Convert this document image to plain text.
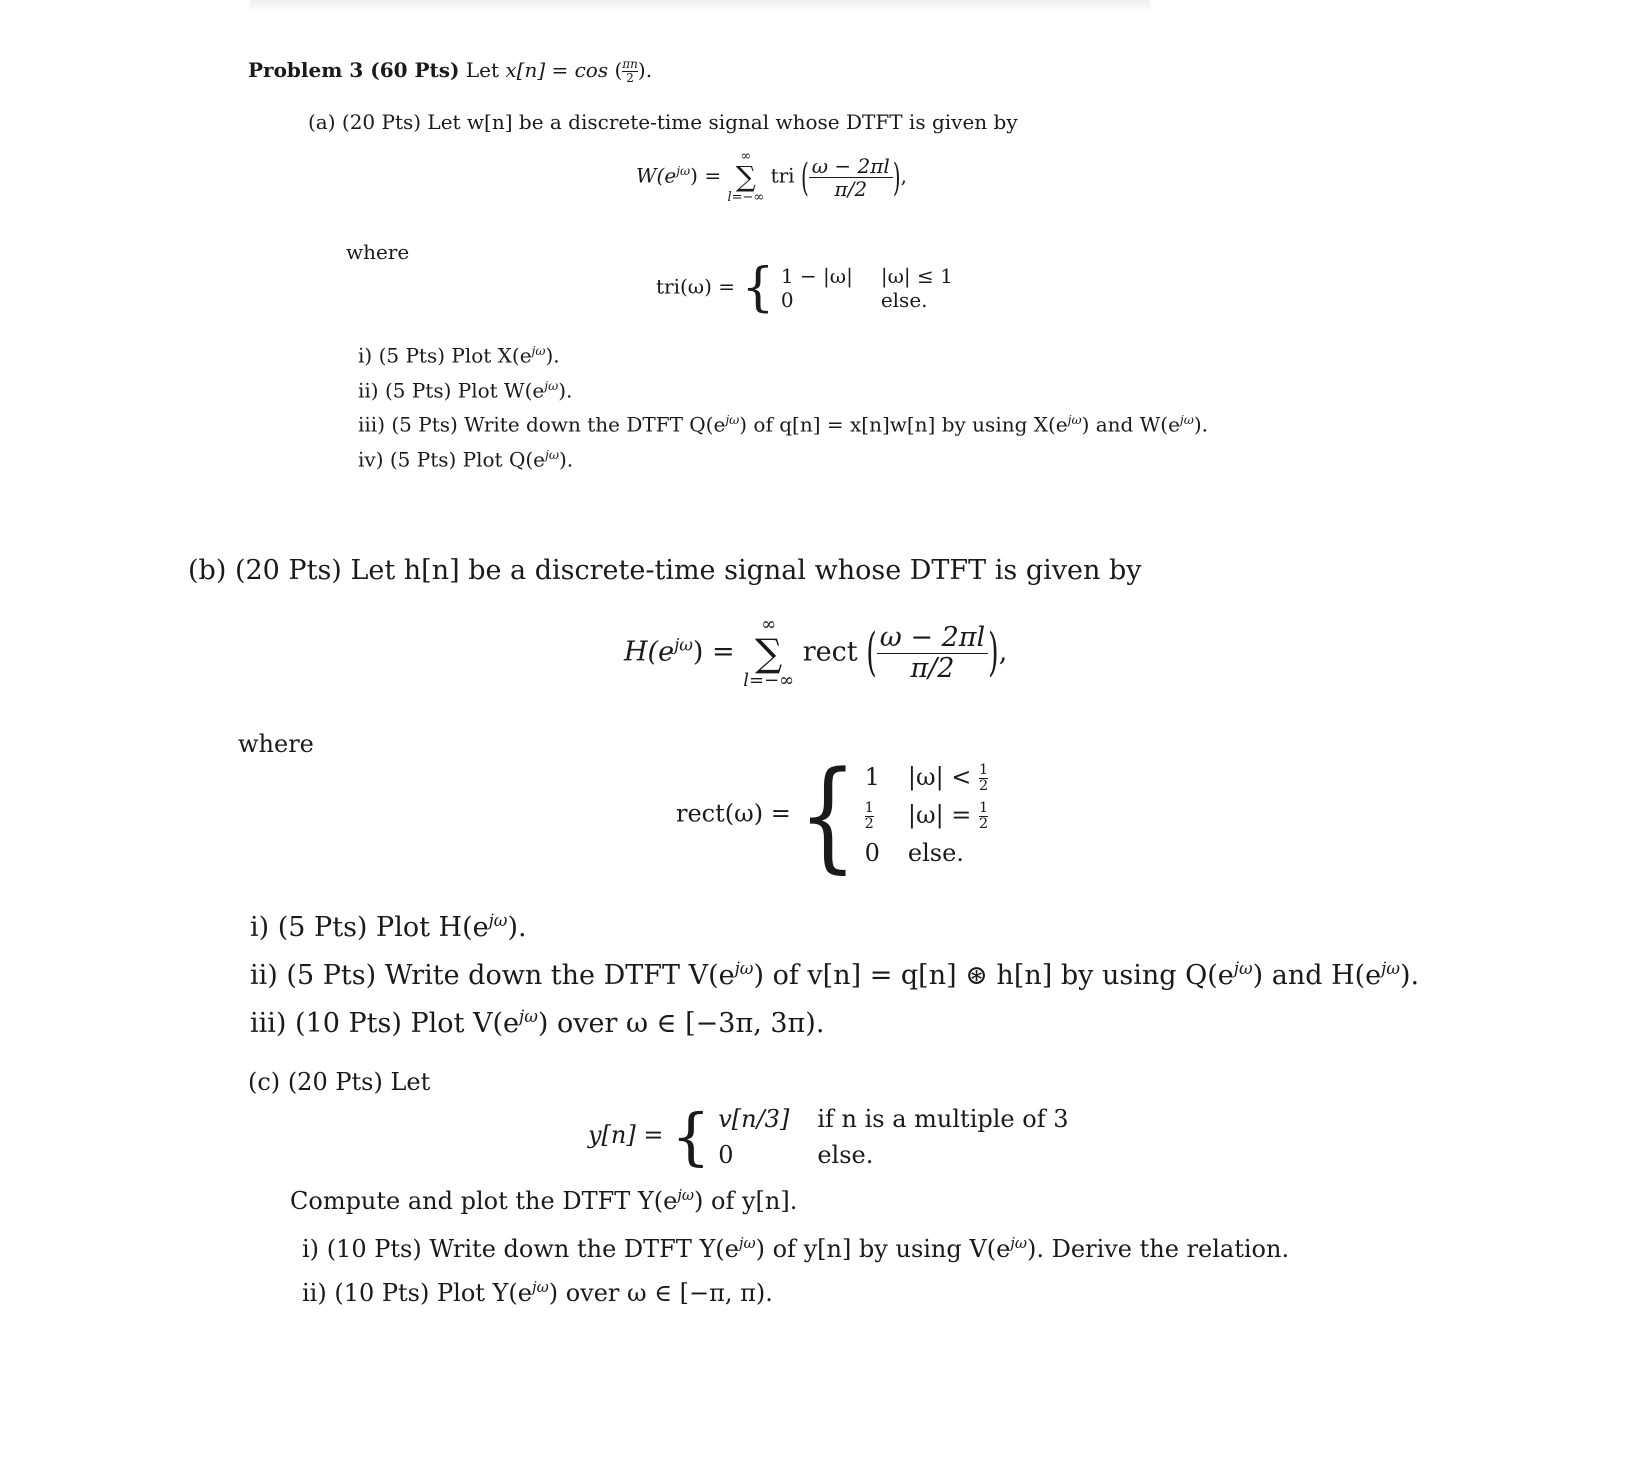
Problem 3 (60 Pts) Let x[n] = cos ( $\frac{\pi n}{2}$ ).
(a) (20 Pts) Let w[n] be a discrete-time signal whose DTFT is given by
$W(e^{j\omega})$ =
∞
∑
l=−∞
tri ( $\frac{\omega - 2\pi l}{\pi/2}$ ),
where
tri(ω) = { 1 − |ω|	|ω| ≤ 1
0	else.
i) (5 Pts) Plot $X(e^{j\omega})$.
ii) (5 Pts) Plot $W(e^{j\omega})$.
iii) (5 Pts) Write down the DTFT $Q(e^{j\omega})$ of q[n] = x[n]w[n] by using $X(e^{j\omega})$ and $W(e^{j\omega})$.
iv) (5 Pts) Plot $Q(e^{j\omega})$.
(b) (20 Pts) Let h[n] be a discrete-time signal whose DTFT is given by
$H(e^{j\omega})$ =
∞
∑
l=−∞
rect ( $\frac{\omega - 2\pi l}{\pi/2}$ ),
where
rect(ω) = { 1	$|\omega| < \frac{1}{2}$

$\frac{1}{2}$	$|\omega| = \frac{1}{2}$

0	else.
i) (5 Pts) Plot $H(e^{j\omega})$.
ii) (5 Pts) Write down the DTFT $V(e^{j\omega})$ of v[n] = q[n] ⊛ h[n] by using $Q(e^{j\omega})$ and $H(e^{j\omega})$.
iii) (10 Pts) Plot $V(e^{j\omega})$ over ω ∈ [−3π, 3π).
(c) (20 Pts) Let
y[n] = { v[n/3]	if n is a multiple of 3
0	else.
Compute and plot the DTFT $Y(e^{j\omega})$ of y[n].
i) (10 Pts) Write down the DTFT $Y(e^{j\omega})$ of y[n] by using $V(e^{j\omega})$. Derive the relation.
ii) (10 Pts) Plot $Y(e^{j\omega})$ over ω ∈ [−π, π).
